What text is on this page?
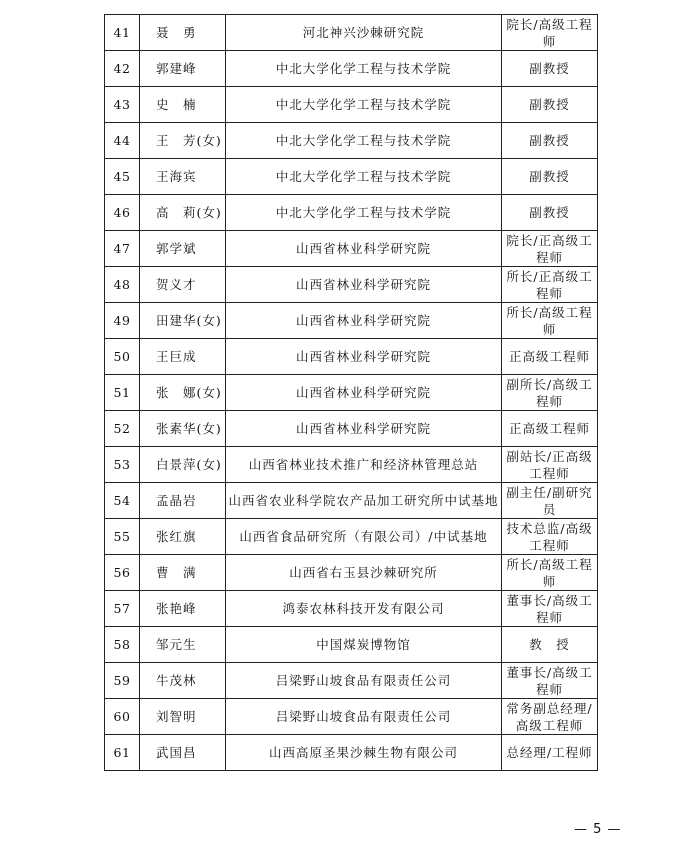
41	聂　勇	河北神兴沙棘研究院	院长/高级工程师
42	郭建峰	中北大学化学工程与技术学院	副教授
43	史　楠	中北大学化学工程与技术学院	副教授
44	王　芳(女)	中北大学化学工程与技术学院	副教授
45	王海宾	中北大学化学工程与技术学院	副教授
46	高　莉(女)	中北大学化学工程与技术学院	副教授
47	郭学斌	山西省林业科学研究院	院长/正高级工程师
48	贺义才	山西省林业科学研究院	所长/正高级工程师
49	田建华(女)	山西省林业科学研究院	所长/高级工程师
50	王巨成	山西省林业科学研究院	正高级工程师
51	张　娜(女)	山西省林业科学研究院	副所长/高级工程师
52	张素华(女)	山西省林业科学研究院	正高级工程师
53	白景萍(女)	山西省林业技术推广和经济林管理总站	副站长/正高级工程师
54	孟晶岩	山西省农业科学院农产品加工研究所中试基地	副主任/副研究员
55	张红旗	山西省食品研究所（有限公司）/中试基地	技术总监/高级工程师
56	曹　满	山西省右玉县沙棘研究所	所长/高级工程师
57	张艳峰	鸿泰农林科技开发有限公司	董事长/高级工程师
58	邹元生	中国煤炭博物馆	教　授
59	牛茂林	吕梁野山坡食品有限责任公司	董事长/高级工程师
60	刘智明	吕梁野山坡食品有限责任公司	常务副总经理/高级工程师
61	武国昌	山西高原圣果沙棘生物有限公司	总经理/工程师
— 5 —
